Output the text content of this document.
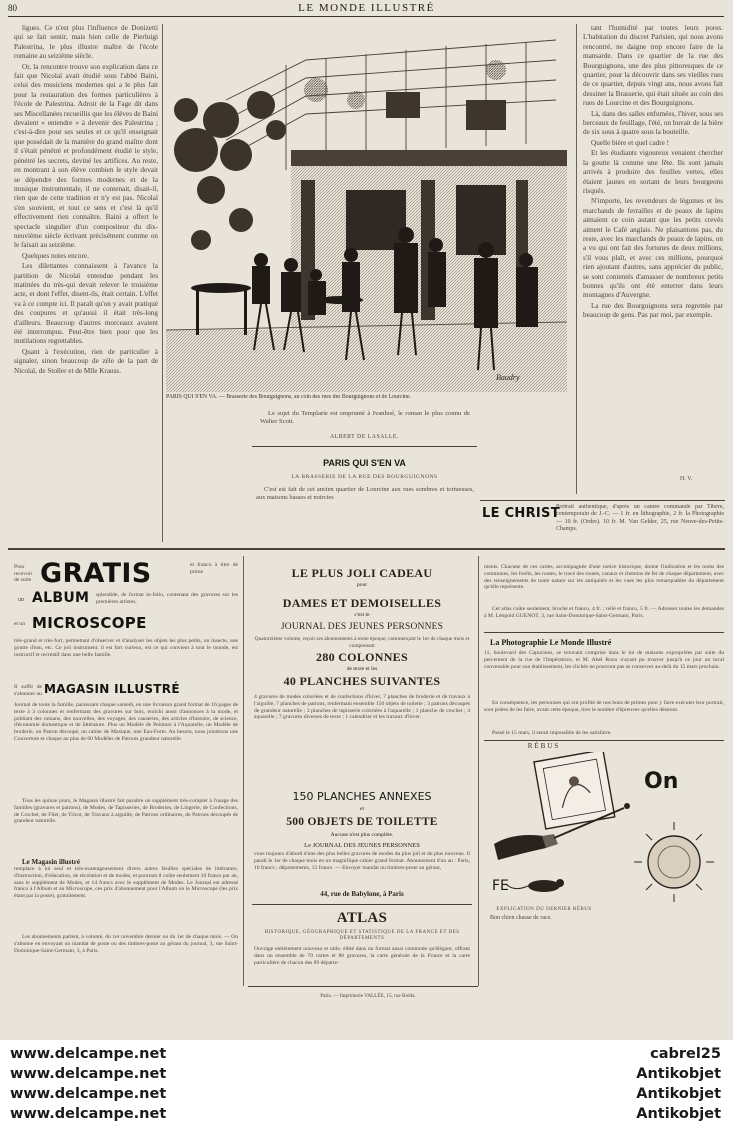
80	LE MONDE ILLUSTRÉ

ligues. Ce n'est plus l'influence de Donizetti qui se fait sentir, mais bien celle de Pierluigi Palestrina, le plus illustre maître de l'école romaine au seizième siècle.

Or, la rencontre trouve son explication dans ce fait que Nicolaï avait étudié sous l'abbé Baini, celui des musiciens modernes qui a le plus fait pour la restauration des formes particulières à l'école de Palestrina. Adroit de la Fage dit dans ses Miscellanées recueillis que les élèves de Baini devaient « entendre » à devenir des Palestrina ; c'est-à-dire pour ses seules et ce qu'il enseignait que possédait de la manière du grand maître dont il s'était pénétré et profondément étudié le style, pénétré les secrets, deviné les artifices. Au reste, en montrant à son élève combien le style devait se dépendre des formes modernes et de la musique instrumentale, il ne contenait, disait-il, rien que de cette tradition et n'y est pas. Nicolaï s'en souvient, et tout ce sens et c'est là qu'il effectivement rien connaître. Baini a offert le spectacle singulier d'un compositeur du dix-neuvième siècle écrivant précisément comme on le faisait au seizième.

Quelques notes encore.

Les dilettantes connaissent à l'avance la partition de Nicolaï entendue pendant les matinées du très-qui devait relever le troisième acte, et dont l'effet, disent-ils, était certain. L'effet va à ce compte ici. Il paraît qu'on y avait pratiqué des coupures et qu'aussi il était très-long d'ailleurs. Beaucoup d'autres morceaux avaient été interrompus. Peut-être bien pour que les mutilations regrettables.

Quant à l'exécution, rien de particulier à signaler, sinon beaucoup de zèle de la part de Nicolaï, de Stoller et de Mlle Krauss.

Baudry
PARIS QUI S'EN VA. — Brasserie des Bourguignons, au coin des rues des Bourguignons et de Lourcine.

tant l'humidité par toutes leurs pores. L'habitation du discret Parisien, qui nous avons rencontré, ne daigne trop encore faire de la mansarde. Dans ce quartier de la rue des Bourguignons, une des plus pittoresques de ce quartier, pour la découvrir dans ses vieilles rues de ce quartier, depuis vingt ans, nous avons fait dessiner la Brasserie, qui était située au coin des rues de Lourcine et des Bourguignons.

Là, dans des salles enfumées, l'hiver, sous ses berceaux de feuillage, l'été, on buvait de la bière de six sous à quatre sous la bouteille.

Quelle bière et quel cadre !

Et les étudiants vigoureux venaient chercher la goutte là comme une fête. Ils sont jamais arrivés à produire des feuilles vertes, elles étaient jaunes en sortant de leurs bourgeons risqués.

N'importe, les revendeurs de légumes et les marchands de ferrailles et de peaux de lapins aimaient ce coin autant que les petits crevés aiment le Café anglais. Ne plaisantons pas, du reste, avec les marchands de peaux de lapins, on a vu qui ont fait des fortunes de deux millions, s'il vous plaît, et avec ces millions, pourquoi rien ajoutant d'autres, sans apprécier du public, se sont contentés d'amasser de nombreux petits bonnes qu'ils ont été enterrer dans leurs montagnes d'Auvergne.

La rue des Bourguignons sera regrettée par beaucoup de gens. Pas par moi, par exemple.

H. V.

Le sujet du Templarie est emprunté à Ivanhoé, le roman le plus connu de Walter Scott.

ALBERT DE LASALLE.
PARIS QUI S'EN VA
LA BRASSERIE DE LA RUE DES BOURGUIGNONS
C'est est fait de cet ancien quartier de Lourcine aux rues sombres et tortueuses, aux maisons basses et noircies
LE CHRIST
Portrait authentique, d'après un camée commandé par Tibère, contemporain de J.-C. — 1 fr. en lithographie, 2 fr. la Photographie — 10 fr. (Ordre). 10 fr. M. Van Gelder, 25, rue Neuve-des-Petits-Champs.
Pour recevoir de suite GRATIS	et franco à titre de prime
un ALBUM splendide, de format in-folio, contenant des gravures sur les premières artistes,
et un MICROSCOPE
très-grand et très-fort, permettant d'observer et d'analyser les objets les plus petits, un insecte, une goutte d'eau, etc. Ce joli instrument, il est fort curieux, est ce qui convient à tout le monde, est instructif et recréatif dans une belle famille.
Il suffit de s'abonner au MAGASIN ILLUSTRÉ
Journal de toute la famille, paraissant chaque samedi, en une livraison grand format de 16 pages de texte à 3 colonnes et renfermant des gravures sur bois, enrichi aussi d'annonces à la mode, et publiant des romans, des nouvelles, des voyages, des causeries, des articles d'histoire, de science, d'économie domestique et de littérature. Plus un Modèle de Peinture à l'Aquarelle, un Modèle de broderie, un Patron découpé, un cahier de Musique, une Eau-Forte. Au besoin, nous joindrons une Couverture et chaque an plus de 60 Modèles de Patrons grandeur naturelle.
Tous les quinze jours, le Magasin illustré fait paraître un supplément très-complet à l'usage des familles (gravures et patrons), de Modes, de Tapisseries, de Broderies, de Lingerie, de Confections, de Crochet, de Filet, de Tricot, de Travaux à aiguille, de Patrons ordinaires, de Patrons découpés de grandeur naturelle.
Le Magasin illustré
remplace à lui seul et très-avantageusement divers autres feuilles spéciales de littérature, d'instruction, d'éducation, de récréation et de modes, et pourtant il coûte seulement 10 francs par an, sans le supplément de Modes, et 14 francs avec le supplément de Modes. Le Journal est adressé franco à l'Album et au Microscope, ces prix d'abonnement pour l'Album ou le Microscope (les prix étant par la poste), gratuitement.
Les abonnements partent, à volonté, du 1er novembre dernier ou du 1er de chaque mois. — On s'abonne en envoyant un mandat de poste ou des timbres-poste au gérant du journal, 3, rue Saint-Dominique-Saint-Germain, 3, à Paris.
LE PLUS JOLI CADEAU
pour
DAMES ET DEMOISELLES
c'est le
JOURNAL DES JEUNES PERSONNES
Quatorzième volume, reçoit ses abonnements à toute époque, commençant le 1er de chaque mois et comprenant
280 COLONNES
de texte et les
40 PLANCHES SUIVANTES
4 gravures de modes coloriées et de confections d'hiver, 7 planches de broderie et de travaux à l'aiguille, 7 planches de patrons, renfermant ensemble 150 objets de toilette ; 3 patrons découpés de grandeur naturelle ; 3 planches de tapisserie coloriées à l'aquarelle ; 1 planche de crochet ; 4 aquarelle ; 7 gravures diverses de texte ; 1 calendrier et les travaux d'hiver.
150 PLANCHES ANNEXES
et
500 OBJETS DE TOILETTE
Aucune n'est plus complète.
Le JOURNAL DES JEUNES PERSONNES
vous toujours d'abord d'une des plus belles gravures de modes du plus joli et du plus nouveau. Il paraît le 1er de chaque mois en un magnifique cahier grand format. Abonnement d'un an : Paris, 10 francs ; départements, 12 francs. — Envoyer mandat ou timbres-poste au gérant,
44, rue de Babylone, à Paris
ATLAS
HISTORIQUE, GÉOGRAPHIQUE ET STATISTIQUE DE LA FRANCE ET DES DÉPARTEMENTS
Ouvrage entièrement nouveau et utile, édité dans un format aussi commode qu'élégant, offrant dans un ensemble de 70 cartes et 80 gravures, la carte générale de la France et la carte particulière de chacun des 89 départe-
ments. Chacune de ces cartes, accompagnée d'une notice historique, donne l'indication et les noms des communes, les forêts, les routes, le tracé des routes, canaux et chemins de fer de chaque département, avec des renseignements de toute nature sur les antiquités et les vues les plus remarquables du département qu'elle représente.
Cet atlas coûte seulement, broché et franco, 4 fr. ; relié et franco, 5 fr. — Adresser toutes les demandes à M. Léopold GUENOT, 3, rue Saint-Dominique-Saint-Germain, Paris.
La Photographie Le Monde Illustré
11, boulevard des Capucines, se trouvant comprise dans le lot de maisons expropriées par suite du percement de la rue de l'Impératrice, et M. Abel Roux n'ayant pu trouver jusqu'à ce jour un local convenable pour son établissement, les clichés ne pourront pas se conserver au-delà du 15 mars prochain.
En conséquence, les personnes qui ont profité de nos bons de primes pour y faire exécuter leur portrait, sont priées de les faire, avant cette époque, tirer le nombre d'épreuves qu'elles désirent.
Passé le 15 mars, il serait impossible de les satisfaire.
RÉBUS
On
FE
EXPLICATION DU DERNIER RÉBUS
Bon chien chasse de race.
Paris. — Imprimerie VALLÉE, 15, rue Bréda.
www.delcampe.net
www.delcampe.net
www.delcampe.net
www.delcampe.net
cabrel25
Antikobjet
Antikobjet
Antikobjet
